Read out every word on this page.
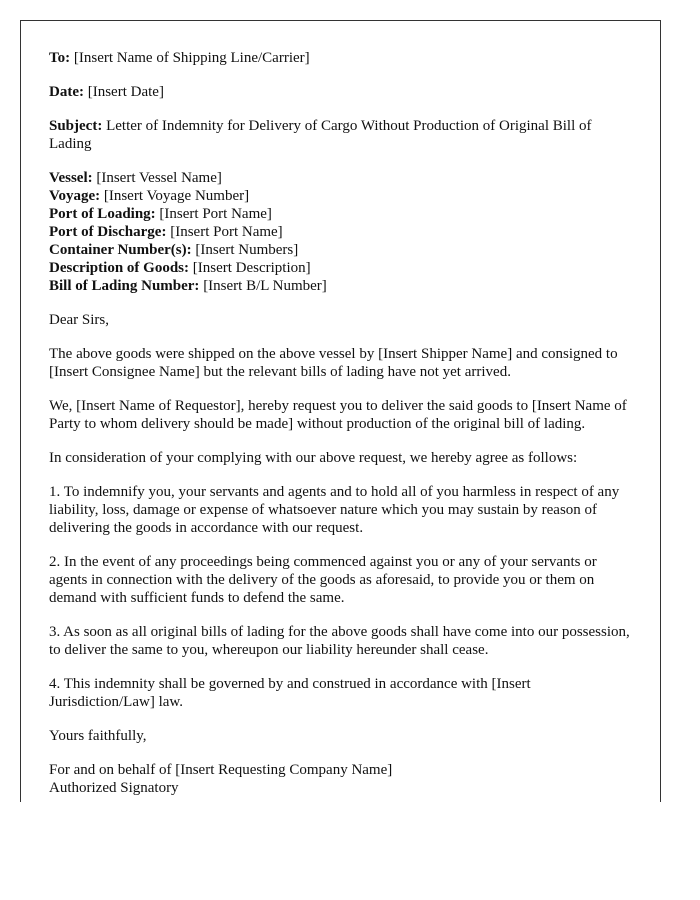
To: [Insert Name of Shipping Line/Carrier]

Date: [Insert Date]

Subject: Letter of Indemnity for Delivery of Cargo Without Production of Original Bill of Lading

Vessel: [Insert Vessel Name]
Voyage: [Insert Voyage Number]
Port of Loading: [Insert Port Name]
Port of Discharge: [Insert Port Name]
Container Number(s): [Insert Numbers]
Description of Goods: [Insert Description]
Bill of Lading Number: [Insert B/L Number]

Dear Sirs,

The above goods were shipped on the above vessel by [Insert Shipper Name] and consigned to [Insert Consignee Name] but the relevant bills of lading have not yet arrived.

We, [Insert Name of Requestor], hereby request you to deliver the said goods to [Insert Name of Party to whom delivery should be made] without production of the original bill of lading.

In consideration of your complying with our above request, we hereby agree as follows:

1. To indemnify you, your servants and agents and to hold all of you harmless in respect of any liability, loss, damage or expense of whatsoever nature which you may sustain by reason of delivering the goods in accordance with our request.

2. In the event of any proceedings being commenced against you or any of your servants or agents in connection with the delivery of the goods as aforesaid, to provide you or them on demand with sufficient funds to defend the same.

3. As soon as all original bills of lading for the above goods shall have come into our possession, to deliver the same to you, whereupon our liability hereunder shall cease.

4. This indemnity shall be governed by and construed in accordance with [Insert Jurisdiction/Law] law.

Yours faithfully,

For and on behalf of [Insert Requesting Company Name]
Authorized Signatory
